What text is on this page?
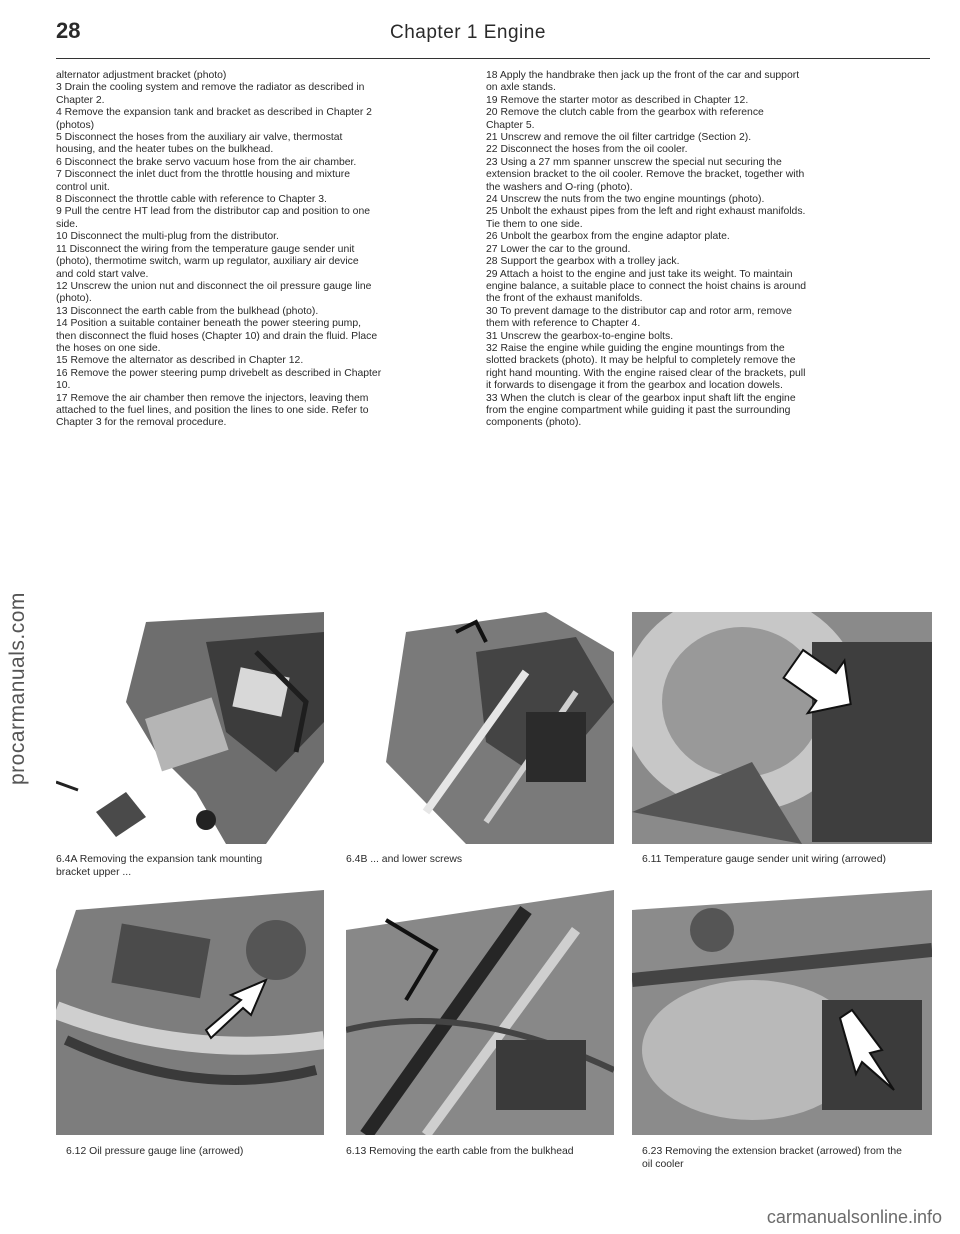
28	Chapter 1 Engine

alternator adjustment bracket (photo)

3 Drain the cooling system and remove the radiator as described in

Chapter 2.

4 Remove the expansion tank and bracket as described in Chapter 2

(photos)

5 Disconnect the hoses from the auxiliary air valve, thermostat

housing, and the heater tubes on the bulkhead.

6 Disconnect the brake servo vacuum hose from the air chamber.

7 Disconnect the inlet duct from the throttle housing and mixture

control unit.

8 Disconnect the throttle cable with reference to Chapter 3.

9 Pull the centre HT lead from the distributor cap and position to one

side.

10 Disconnect the multi-plug from the distributor.

11 Disconnect the wiring from the temperature gauge sender unit

(photo), thermotime switch, warm up regulator, auxiliary air device

and cold start valve.

12 Unscrew the union nut and disconnect the oil pressure gauge line

(photo).

13 Disconnect the earth cable from the bulkhead (photo).

14 Position a suitable container beneath the power steering pump,

then disconnect the fluid hoses (Chapter 10) and drain the fluid. Place

the hoses on one side.

15 Remove the alternator as described in Chapter 12.

16 Remove the power steering pump drivebelt as described in Chapter

10.

17 Remove the air chamber then remove the injectors, leaving them

attached to the fuel lines, and position the lines to one side. Refer to

Chapter 3 for the removal procedure.

18 Apply the handbrake then jack up the front of the car and support

on axle stands.

19 Remove the starter motor as described in Chapter 12.

20 Remove the clutch cable from the gearbox with reference

Chapter 5.

21 Unscrew and remove the oil filter cartridge (Section 2).

22 Disconnect the hoses from the oil cooler.

23 Using a 27 mm spanner unscrew the special nut securing the

extension bracket to the oil cooler. Remove the bracket, together with

the washers and O-ring (photo).

24 Unscrew the nuts from the two engine mountings (photo).

25 Unbolt the exhaust pipes from the left and right exhaust manifolds.

Tie them to one side.

26 Unbolt the gearbox from the engine adaptor plate.

27 Lower the car to the ground.

28 Support the gearbox with a trolley jack.

29 Attach a hoist to the engine and just take its weight. To maintain

engine balance, a suitable place to connect the hoist chains is around

the front of the exhaust manifolds.

30 To prevent damage to the distributor cap and rotor arm, remove

them with reference to Chapter 4.

31 Unscrew the gearbox-to-engine bolts.

32 Raise the engine while guiding the engine mountings from the

slotted brackets (photo). It may be helpful to completely remove the

right hand mounting. With the engine raised clear of the brackets, pull

it forwards to disengage it from the gearbox and location dowels.

33 When the clutch is clear of the gearbox input shaft lift the engine

from the engine compartment while guiding it past the surrounding

components (photo).

6.4A Removing the expansion tank mounting bracket upper ...
6.4B ... and lower screws	6.11 Temperature gauge sender unit wiring (arrowed)
6.12 Oil pressure gauge line (arrowed)	6.13 Removing the earth cable from the bulkhead	6.23 Removing the extension bracket (arrowed) from the oil cooler
procarmanuals.com
carmanualsonline.info
